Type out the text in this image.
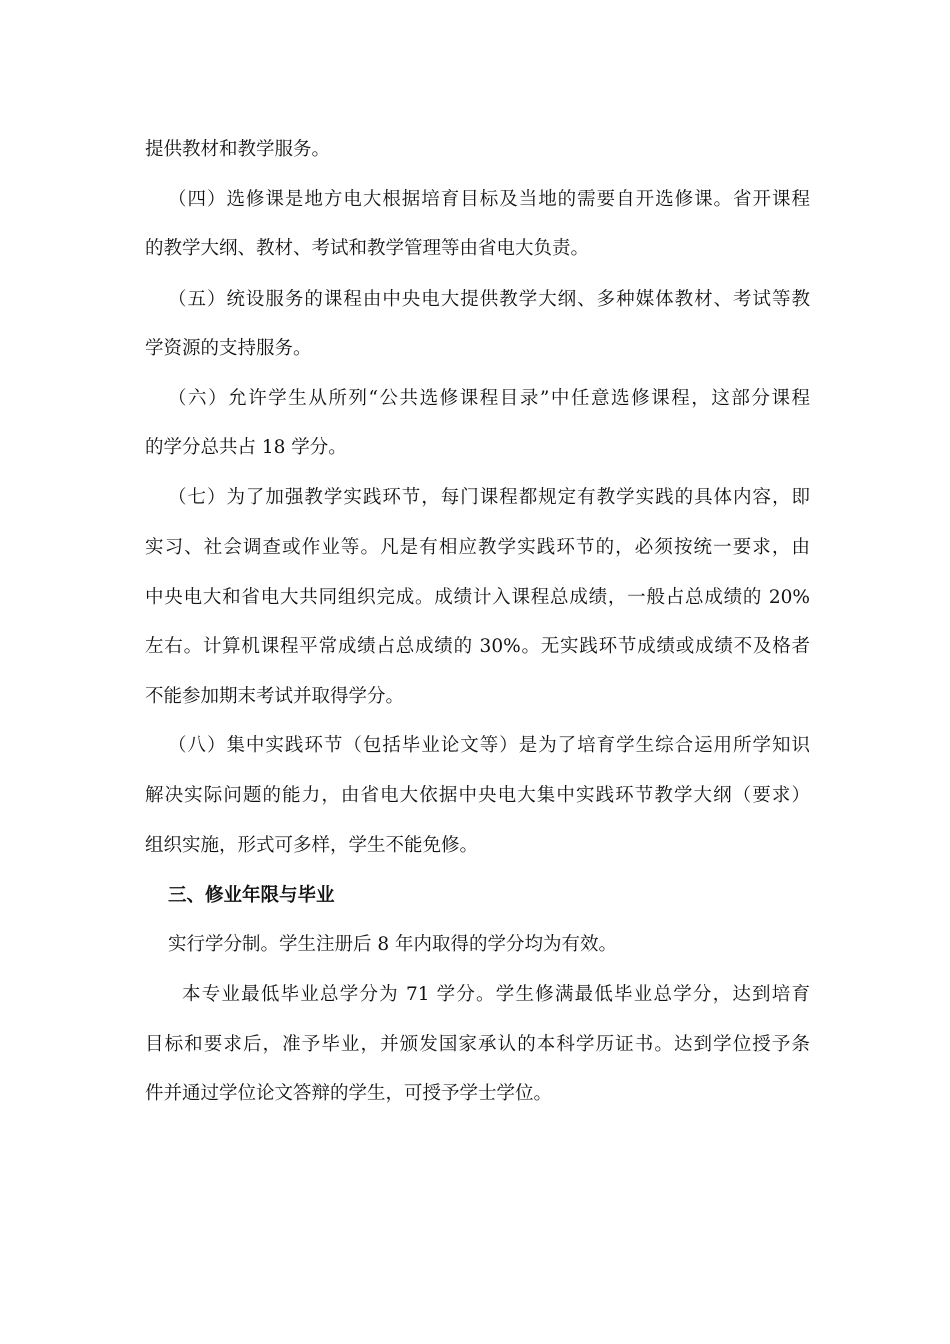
提供教材和教学服务。
（四）选修课是地方电大根据培育目标及当地的需要自开选修课。省开课程
的教学大纲、教材、考试和教学管理等由省电大负责。
（五）统设服务的课程由中央电大提供教学大纲、多种媒体教材、考试等教
学资源的支持服务。
（六）允许学生从所列“公共选修课程目录”中任意选修课程，这部分课程
的学分总共占 18 学分。
（七）为了加强教学实践环节，每门课程都规定有教学实践的具体内容，即
实习、社会调查或作业等。凡是有相应教学实践环节的，必须按统一要求，由
中央电大和省电大共同组织完成。成绩计入课程总成绩，一般占总成绩的 20%
左右。计算机课程平常成绩占总成绩的 30%。无实践环节成绩或成绩不及格者
不能参加期末考试并取得学分。
（八）集中实践环节（包括毕业论文等）是为了培育学生综合运用所学知识
解决实际问题的能力，由省电大依据中央电大集中实践环节教学大纲（要求）
组织实施，形式可多样，学生不能免修。
三、修业年限与毕业
实行学分制。学生注册后 8 年内取得的学分均为有效。
本专业最低毕业总学分为 71 学分。学生修满最低毕业总学分，达到培育
目标和要求后，准予毕业，并颁发国家承认的本科学历证书。达到学位授予条
件并通过学位论文答辩的学生，可授予学士学位。
